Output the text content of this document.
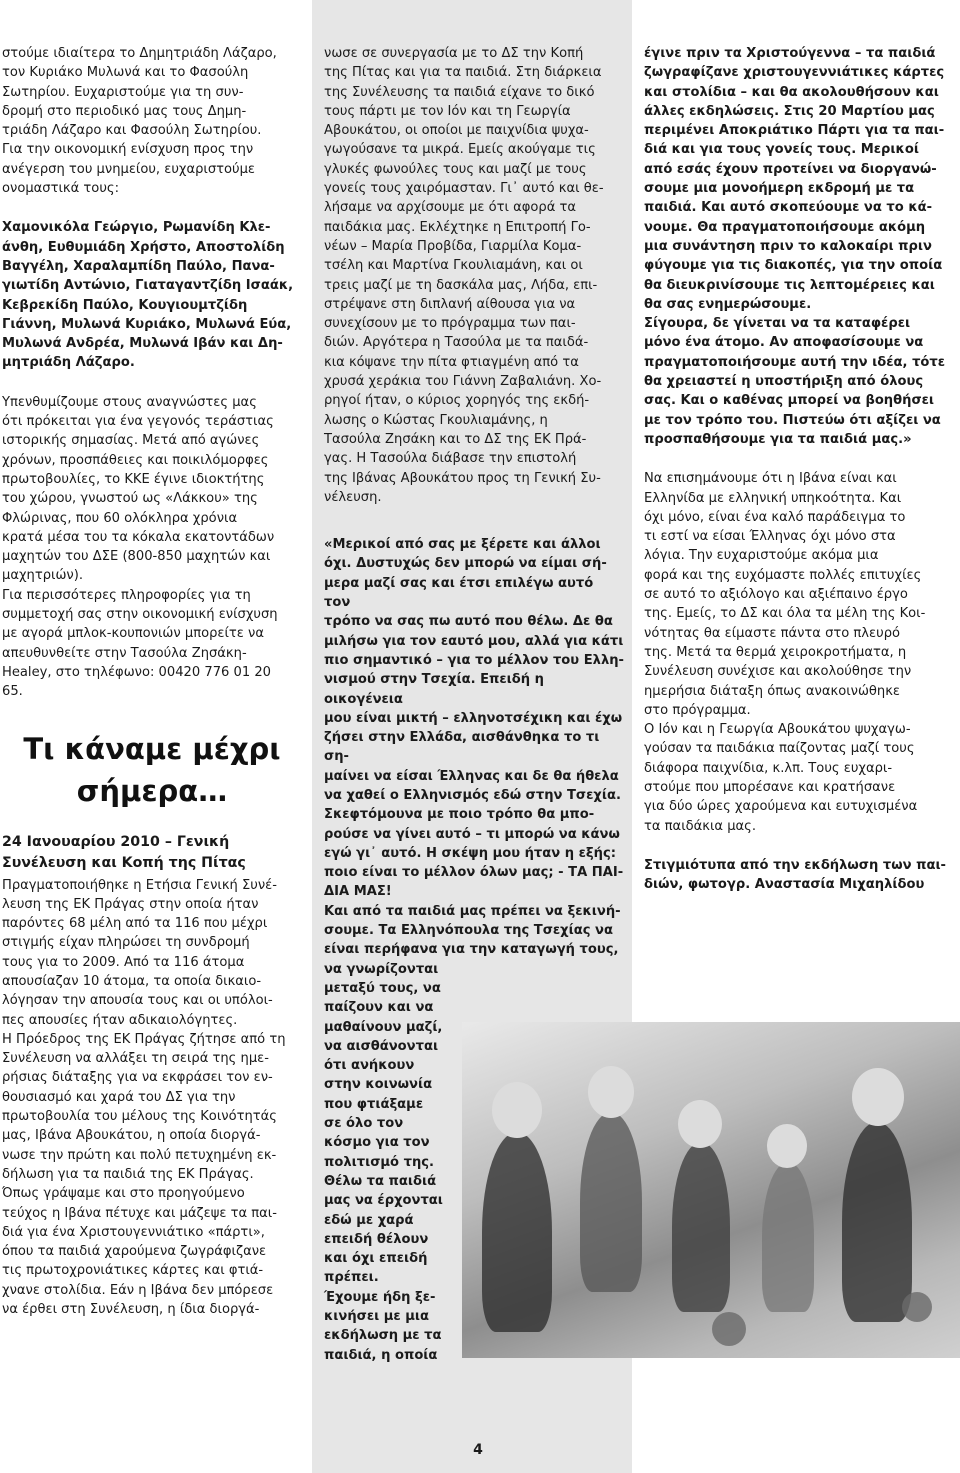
στούμε ιδιαίτερα το Δημητριάδη Λάζαρο,

τον Κυριάκο Μυλωνά και το Φασούλη

Σωτηρίου. Ευχαριστούμε για τη συν-

δρομή στο περιοδικό μας τους Δημη-

τριάδη Λάζαρο και Φασούλη Σωτηρίου.

Για την οικονομική ενίσχυση προς την

ανέγερση του μνημείου, ευχαριστούμε

ονομαστικά τους:

Χαμονικόλα Γεώργιο, Ρωμανίδη Κλε-

άνθη, Ευθυμιάδη Χρήστο, Αποστολίδη

Βαγγέλη, Χαραλαμπίδη Παύλο, Πανα-

γιωτίδη Αντώνιο, Γιαταγαντζίδη Ισαάκ,

Κεβρεκίδη Παύλο, Κουγιουμτζίδη

Γιάννη, Μυλωνά Κυριάκο, Μυλωνά Εύα,

Μυλωνά Ανδρέα, Μυλωνά Ιβάν και Δη-

μητριάδη Λάζαρο.

Υπενθυμίζουμε στους αναγνώστες μας

ότι πρόκειται για ένα γεγονός τεράστιας

ιστορικής σημασίας. Μετά από αγώνες

χρόνων, προσπάθειες και ποικιλόμορφες

πρωτοβουλίες, το ΚΚΕ έγινε ιδιοκτήτης

του χώρου, γνωστού ως «Λάκκου» της

Φλώρινας, που 60 ολόκληρα χρόνια

κρατά μέσα του τα κόκαλα εκατοντάδων

μαχητών του ΔΣΕ (800-850 μαχητών και

μαχητριών).

Για περισσότερες πληροφορίες για τη

συμμετοχή σας στην οικονομική ενίσχυση

με αγορά μπλοκ-κουπονιών μπορείτε να

απευθυνθείτε στην Τασούλα Ζησάκη-

Healey, στο τηλέφωνο: 00420 776 01 20

65.

Τι κάναμε μέχρι
σήμερα…
24 Ιανουαρίου 2010 – Γενική
Συνέλευση και Κοπή της Πίτας

Πραγματοποιήθηκε η Ετήσια Γενική Συνέ-

λευση της ΕΚ Πράγας στην οποία ήταν

παρόντες 68 μέλη από τα 116 που μέχρι

στιγμής είχαν πληρώσει τη συνδρομή

τους για το 2009. Από τα 116 άτομα

απουσίαζαν 10 άτομα, τα οποία δικαιο-

λόγησαν την απουσία τους και οι υπόλοι-

πες απουσίες ήταν αδικαιολόγητες.

Η Πρόεδρος της ΕΚ Πράγας ζήτησε από τη

Συνέλευση να αλλάξει τη σειρά της ημε-

ρήσιας διάταξης για να εκφράσει τον εν-

θουσιασμό και χαρά του ΔΣ για την

πρωτοβουλία του μέλους της Κοινότητάς

μας, Ιβάνα Αβουκάτου, η οποία διοργά-

νωσε την πρώτη και πολύ πετυχημένη εκ-

δήλωση για τα παιδιά της ΕΚ Πράγας.

Όπως γράψαμε και στο προηγούμενο

τεύχος η Ιβάνα πέτυχε και μάζεψε τα παι-

διά για ένα Χριστουγεννιάτικο «πάρτι»,

όπου τα παιδιά χαρούμενα ζωγράφιζανε

τις πρωτοχρονιάτικες κάρτες και φτιά-

χνανε στολίδια. Εάν η Ιβάνα δεν μπόρεσε

να έρθει στη Συνέλευση, η ίδια διοργά-

νωσε σε συνεργασία με το ΔΣ την Κοπή

της Πίτας και για τα παιδιά. Στη διάρκεια

της Συνέλευσης τα παιδιά είχανε το δικό

τους πάρτι με τον Ιόν και τη Γεωργία

Αβουκάτου, οι οποίοι με παιχνίδια ψυχα-

γωγούσανε τα μικρά. Εμείς ακούγαμε τις

γλυκές φωνούλες τους και μαζί με τους

γονείς τους χαιρόμασταν. Γι᾽ αυτό και θε-

λήσαμε να αρχίσουμε με ότι αφορά τα

παιδάκια μας. Εκλέχτηκε η Επιτροπή Γο-

νέων – Μαρία Προβίδα, Γιαρμίλα Κομα-

τσέλη και Μαρτίνα Γκουλιαμάνη, και οι

τρεις μαζί με τη δασκάλα μας, Λήδα, επι-

στρέψανε στη διπλανή αίθουσα για να

συνεχίσουν με το πρόγραμμα των παι-

διών. Αργότερα η Τασούλα με τα παιδά-

κια κόψανε την πίτα φτιαγμένη από τα

χρυσά χεράκια του Γιάννη Ζαβαλιάνη. Χο-

ρηγοί ήταν, ο κύριος χορηγός της εκδή-

λωσης ο Κώστας Γκουλιαμάνης, η

Τασούλα Ζησάκη και το ΔΣ της ΕΚ Πρά-

γας. Η Τασούλα διάβασε την επιστολή

της Ιβάνας Αβουκάτου προς τη Γενική Συ-

νέλευση.

«Μερικοί από σας με ξέρετε και άλλοι

όχι. Δυστυχώς δεν μπορώ να είμαι σή-

μερα μαζί σας και έτσι επιλέγω αυτό τον

τρόπο να σας πω αυτό που θέλω. Δε θα

μιλήσω για τον εαυτό μου, αλλά για κάτι

πιο σημαντικό – για το μέλλον του Ελλη-

νισμού στην Τσεχία. Επειδή η οικογένεια

μου είναι μικτή – ελληνοτσέχικη και έχω

ζήσει στην Ελλάδα, αισθάνθηκα το τι ση-

μαίνει να είσαι Έλληνας και δε θα ήθελα

να χαθεί ο Ελληνισμός εδώ στην Τσεχία.

Σκεφτόμουνα με ποιο τρόπο θα μπο-

ρούσε να γίνει αυτό – τι μπορώ να κάνω

εγώ γι᾽ αυτό. Η σκέψη μου ήταν η εξής:

ποιο είναι το μέλλον όλων μας; - ΤΑ ΠΑΙ-

ΔΙΑ ΜΑΣ!

Και από τα παιδιά μας πρέπει να ξεκινή-

σουμε. Τα Ελληνόπουλα της Τσεχίας να

είναι περήφανα για την καταγωγή τους,

να γνωρίζονται

μεταξύ τους, να

παίζουν και να

μαθαίνουν μαζί,

να αισθάνονται

ότι ανήκουν

στην κοινωνία

που φτιάξαμε

σε όλο τον

κόσμο για τον

πολιτισμό της.

Θέλω τα παιδιά

μας να έρχονται

εδώ με χαρά

επειδή θέλουν

και όχι επειδή

πρέπει.

Έχουμε ήδη ξε-

κινήσει με μια

εκδήλωση με τα

παιδιά, η οποία

έγινε πριν τα Χριστούγεννα – τα παιδιά

ζωγραφίζανε χριστουγεννιάτικες κάρτες

και στολίδια – και θα ακολουθήσουν και

άλλες εκδηλώσεις. Στις 20 Μαρτίου μας

περιμένει Αποκριάτικο Πάρτι για τα παι-

διά και για τους γονείς τους. Μερικοί

από εσάς έχουν προτείνει να διοργανώ-

σουμε μια μονοήμερη εκδρομή με τα

παιδιά. Και αυτό σκοπεύουμε να το κά-

νουμε. Θα πραγματοποιήσουμε ακόμη

μια συνάντηση πριν το καλοκαίρι πριν

φύγουμε για τις διακοπές, για την οποία

θα διευκρινίσουμε τις λεπτομέρειες και

θα σας ενημερώσουμε.

Σίγουρα, δε γίνεται να τα καταφέρει

μόνο ένα άτομο. Αν αποφασίσουμε να

πραγματοποιήσουμε αυτή την ιδέα, τότε

θα χρειαστεί η υποστήριξη από όλους

σας. Και ο καθένας μπορεί να βοηθήσει

με τον τρόπο του. Πιστεύω ότι αξίζει να

προσπαθήσουμε για τα παιδιά μας.»

Να επισημάνουμε ότι η Ιβάνα είναι και

Ελληνίδα με ελληνική υπηκοότητα. Και

όχι μόνο, είναι ένα καλό παράδειγμα το

τι εστί να είσαι Έλληνας όχι μόνο στα

λόγια. Την ευχαριστούμε ακόμα μια

φορά και της ευχόμαστε πολλές επιτυχίες

σε αυτό το αξιόλογο και αξιέπαινο έργο

της. Εμείς, το ΔΣ και όλα τα μέλη της Κοι-

νότητας θα είμαστε πάντα στο πλευρό

της. Μετά τα θερμά χειροκροτήματα, η

Συνέλευση συνέχισε και ακολούθησε την

ημερήσια διάταξη όπως ανακοινώθηκε

στο πρόγραμμα.

Ο Ιόν και η Γεωργία Αβουκάτου ψυχαγω-

γούσαν τα παιδάκια παίζοντας μαζί τους

διάφορα παιχνίδια, κ.λπ. Τους ευχαρι-

στούμε που μπορέσανε και κρατήσανε

για δύο ώρες χαρούμενα και ευτυχισμένα

τα παιδάκια μας.

Στιγμιότυπα από την εκδήλωση των παι-

διών, φωτογρ. Αναστασία Μιχαηλίδου

4
